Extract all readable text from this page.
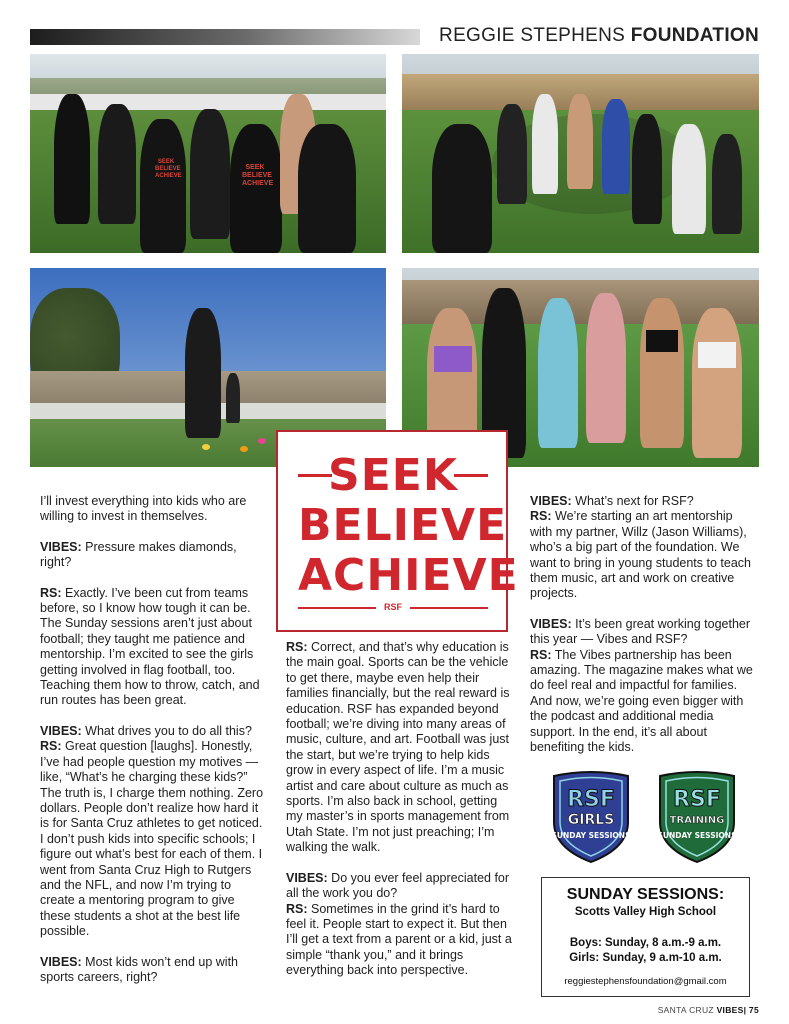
REGGIE STEPHENS FOUNDATION
SEEK
BELIEVE
ACHIEVE
SEEK
BELIEVE
ACHIEVE
SEEK
BELIEVE
ACHIEVE
RSF

I’ll invest everything into kids who are willing to invest in themselves.

VIBES: Pressure makes diamonds, right?

RS: Exactly. I’ve been cut from teams before, so I know how tough it can be. The Sunday sessions aren’t just about football; they taught me patience and mentorship. I’m excited to see the girls getting involved in flag football, too. Teaching them how to throw, catch, and run routes has been great.

VIBES: What drives you to do all this?

RS: Great question [laughs]. Honestly, I’ve had people question my motives — like, “What’s he charging these kids?” The truth is, I charge them nothing. Zero dollars. People don’t realize how hard it is for Santa Cruz athletes to get noticed. I don’t push kids into specific schools; I figure out what’s best for each of them. I went from Santa Cruz High to Rutgers and the NFL, and now I’m trying to create a mentoring program to give these students a shot at the best life possible.

VIBES: Most kids won’t end up with sports careers, right?

RS: Correct, and that’s why education is the main goal. Sports can be the vehicle to get there, maybe even help their families financially, but the real reward is education. RSF has expanded beyond football; we’re diving into many areas of music, culture, and art. Football was just the start, but we’re trying to help kids grow in every aspect of life. I’m a music artist and care about culture as much as sports. I’m also back in school, getting my master’s in sports management from Utah State. I’m not just preaching; I’m walking the walk.

VIBES: Do you ever feel appreciated for all the work you do?

RS: Sometimes in the grind it’s hard to feel it. People start to expect it. But then I’ll get a text from a parent or a kid, just a simple “thank you,” and it brings everything back into perspective.

VIBES: What’s next for RSF?

RS: We’re starting an art mentorship with my partner, Willz (Jason Williams), who’s a big part of the foundation. We want to bring in young students to teach them music, art and work on creative projects.

VIBES: It’s been great working together this year — Vibes and RSF?

RS: The Vibes partnership has been amazing. The magazine makes what we do feel real and impactful for families. And now, we’re going even bigger with the podcast and additional media support. In the end, it’s all about benefiting the kids.

RSF
GIRLS
SUNDAY SESSIONS
RSF
TRAINING
SUNDAY SESSIONS
SUNDAY SESSIONS:
Scotts Valley High School
Boys: Sunday, 8 a.m.-9 a.m.
Girls: Sunday, 9 a.m-10 a.m.
reggiestephensfoundation@gmail.com
SANTA CRUZ VIBES| 75
